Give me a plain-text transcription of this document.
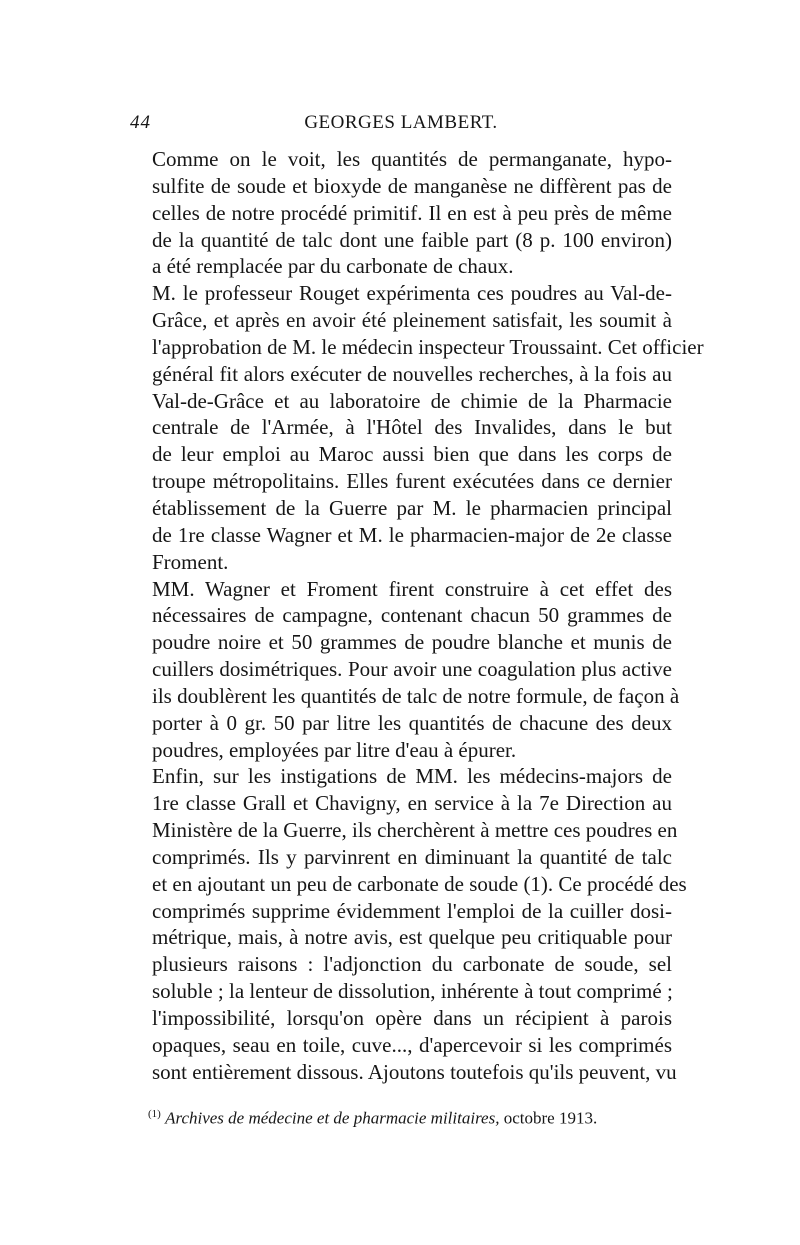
44	GEORGES LAMBERT.
Comme on le voit, les quantités de permanganate, hypo-
sulfite de soude et bioxyde de manganèse ne diffèrent pas de
celles de notre procédé primitif. Il en est à peu près de même
de la quantité de talc dont une faible part (8 p. 100 environ)
a été remplacée par du carbonate de chaux.
M. le professeur Rouget expérimenta ces poudres au Val-de-
Grâce, et après en avoir été pleinement satisfait, les soumit à
l'approbation de M. le médecin inspecteur Troussaint. Cet officier
général fit alors exécuter de nouvelles recherches, à la fois au
Val-de-Grâce et au laboratoire de chimie de la Pharmacie
centrale de l'Armée, à l'Hôtel des Invalides, dans le but
de leur emploi au Maroc aussi bien que dans les corps de
troupe métropolitains. Elles furent exécutées dans ce dernier
établissement de la Guerre par M. le pharmacien principal
de 1re classe Wagner et M. le pharmacien-major de 2e classe
Froment.
MM. Wagner et Froment firent construire à cet effet des
nécessaires de campagne, contenant chacun 50 grammes de
poudre noire et 50 grammes de poudre blanche et munis de
cuillers dosimétriques. Pour avoir une coagulation plus active
ils doublèrent les quantités de talc de notre formule, de façon à
porter à 0 gr. 50 par litre les quantités de chacune des deux
poudres, employées par litre d'eau à épurer.
Enfin, sur les instigations de MM. les médecins-majors de
1re classe Grall et Chavigny, en service à la 7e Direction au
Ministère de la Guerre, ils cherchèrent à mettre ces poudres en
comprimés. Ils y parvinrent en diminuant la quantité de talc
et en ajoutant un peu de carbonate de soude (1). Ce procédé des
comprimés supprime évidemment l'emploi de la cuiller dosi-
métrique, mais, à notre avis, est quelque peu critiquable pour
plusieurs raisons : l'adjonction du carbonate de soude, sel
soluble ; la lenteur de dissolution, inhérente à tout comprimé ;
l'impossibilité, lorsqu'on opère dans un récipient à parois
opaques, seau en toile, cuve..., d'apercevoir si les comprimés
sont entièrement dissous. Ajoutons toutefois qu'ils peuvent, vu
$^{(1)}$ Archives de médecine et de pharmacie militaires, octobre 1913.
